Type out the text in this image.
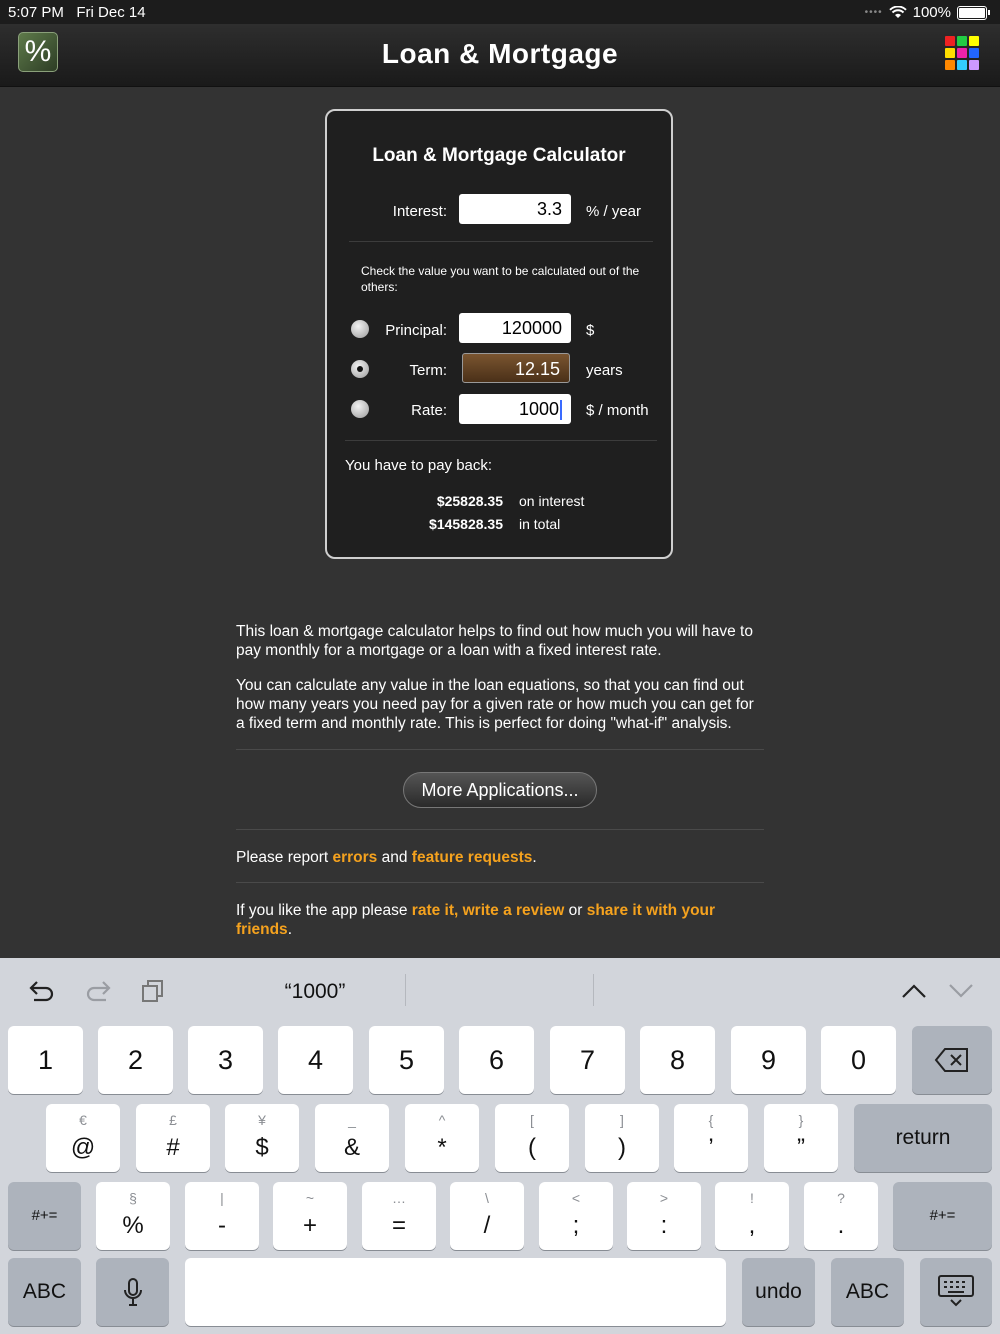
5:07 PM Fri Dec 14	•••• 100%
%	Loan & Mortgage
Loan & Mortgage Calculator
Interest:	3.3	% / year
Check the value you want to be calculated out of the others:
Principal:	120000	$
Term:	12.15	years
Rate:	1000	$ / month
You have to pay back:
$25828.35 on interest
$145828.35 in total
This loan & mortgage calculator helps to find out how much you will have to pay monthly for a mortgage or a loan with a fixed interest rate.
You can calculate any value in the loan equations, so that you can find out how many years you need pay for a given rate or how much you can get for a fixed term and monthly rate. This is perfect for doing "what-if" analysis.
More Applications...
Please report errors and feature requests.
If you like the app please rate it, write a review or share it with your friends.
“1000”
1	2	3	4	5	6	7	8	9	0
€
@
£
#
¥
$
_
&
^
*
[
(
]
)
{
’
}
”	return
#+=
§
%
|
-
~
+
…
=
\
/
<
;
>
:
!
,
?
.	#+=
ABC	undo	ABC
